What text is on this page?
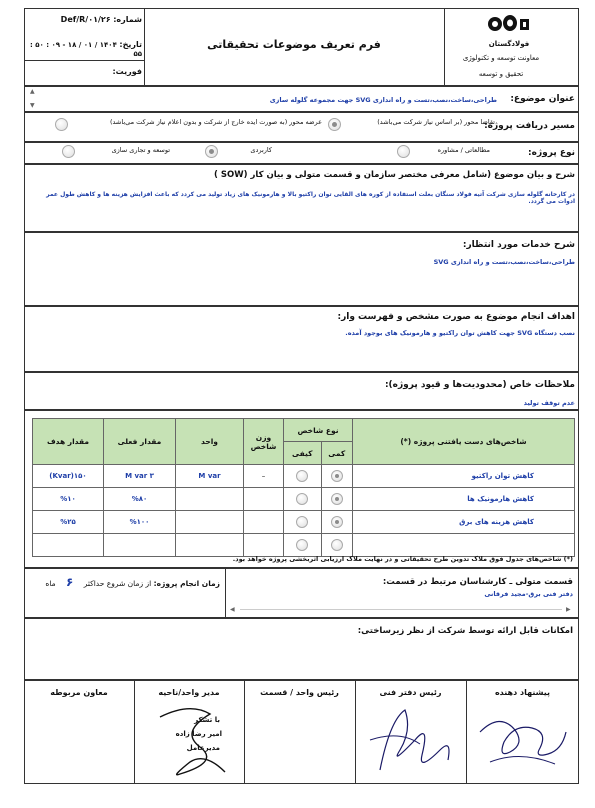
شماره: Def/R/۰۱/۲۶
تاریخ: ۱۴۰۴ / ۰۱ / ۱۸ - ۰۹ : ۵۰ : ۵۵
فوریت:
فرم تعریف موضوعات تحقیقاتی	فولادگستان
معاونت توسعه و تکنولوژی
تحقیق و توسعه
عنوان موضوع:
طراحی،ساخت،نصب،تست و راه اندازی SVG جهت مجموعه گلوله سازی
▲
▼
مسیر دریافت پروژه:
تقاضا محور (بر اساس نیاز شرکت می‌باشد)
عرضه محور (به صورت ایده خارج از شرکت و بدون اعلام نیاز شرکت می‌باشد)
نوع پروژه:
مطالعاتی / مشاوره
کاربردی
توسعه و تجاری سازی
شرح و بیان موضوع (شامل معرفی مختصر سازمان و قسمت متولی و بیان کار (SOW )
در کارخانه گلوله سازی شرکت آتیه فولاد سنگان بعلت استفاده از کوره های القایی توان راکتیو بالا و هارمونیک های زیاد تولید می کردد که باعث افزایش هزینه ها و کاهش طول عمر ادوات می گردد.
شرح خدمات مورد انتظار:
طراحی،ساخت،نصب،تست و راه اندازی SVG
اهداف انجام موضوع به صورت مشخص و فهرست وار:
نصب دستگاه SVG جهت کاهش توان راکتیو و هارمونیک های بوجود آمده.
ملاحظات خاص (محدودیت‌ها و قیود پروژه):
عدم توقف تولید
شاخص‌های دست یافتنی پروژه (*)	نوع شاخص		وزن شاخص	واحد	مقدار فعلی	مقدار هدف
	کمی	کیفی				
کاهش توان راکتیو			–	M var	۳ M var	۱۵۰(Kvar)
کاهش هارمونیک ها					%۸۰	%۱۰
کاهش هزینه های برق					%۱۰۰	%۲۵

(*) شاخص‌های جدول فوق ملاک تدوین طرح تحقیقاتی و در نهایت ملاک ارزیابی اثربخشی پروژه خواهد بود.
زمان انجام پروژه: از زمان شروع حداکثر ۶ ماه	قسمت متولی ـ کارشناسان مرتبط در قسمت:
دفتر فنی برق-مجید فرقانی
◀	▶
امکانات قابل ارائه توسط شرکت از نظر زیرساختی:
پیشنهاد دهنده
رئیس دفتر فنی
رئیس واحد / قسمت
مدیر واحد/ناحیه
معاون مربوطه
با تشکر
امیر رضا زاده
مدیرعامل
